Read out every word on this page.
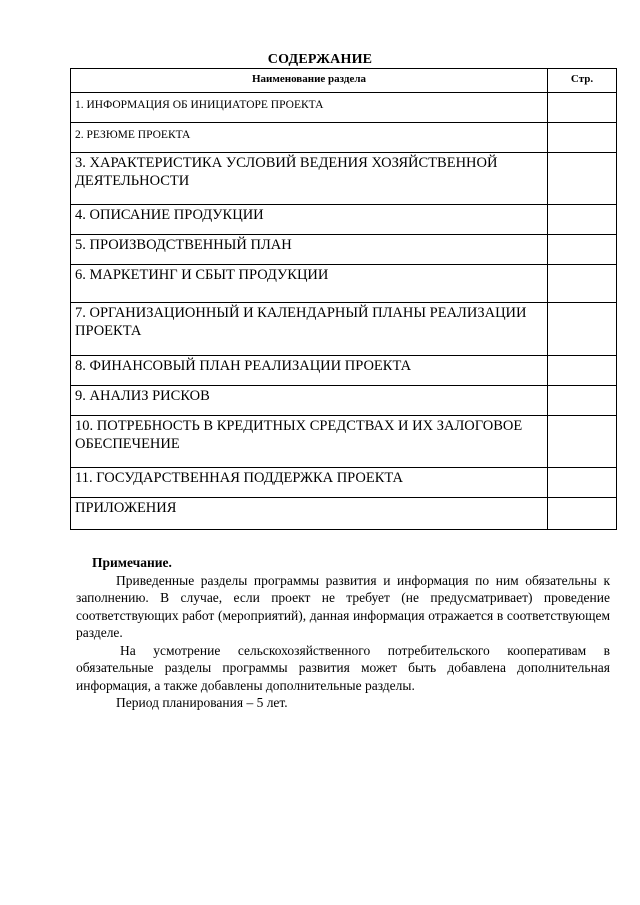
СОДЕРЖАНИЕ
Наименование раздела	Стр.
1. ИНФОРМАЦИЯ ОБ ИНИЦИАТОРЕ ПРОЕКТА	
2. РЕЗЮМЕ ПРОЕКТА	
3. ХАРАКТЕРИСТИКА УСЛОВИЙ ВЕДЕНИЯ ХОЗЯЙСТВЕННОЙ ДЕЯТЕЛЬНОСТИ	
4. ОПИСАНИЕ ПРОДУКЦИИ	
5. ПРОИЗВОДСТВЕННЫЙ ПЛАН	
6. МАРКЕТИНГ И СБЫТ ПРОДУКЦИИ	
7. ОРГАНИЗАЦИОННЫЙ И КАЛЕНДАРНЫЙ ПЛАНЫ РЕАЛИЗАЦИИ ПРОЕКТА	
8. ФИНАНСОВЫЙ ПЛАН РЕАЛИЗАЦИИ ПРОЕКТА	
9. АНАЛИЗ РИСКОВ	
10. ПОТРЕБНОСТЬ В КРЕДИТНЫХ СРЕДСТВАХ И ИХ ЗАЛОГОВОЕ ОБЕСПЕЧЕНИЕ	
11. ГОСУДАРСТВЕННАЯ ПОДДЕРЖКА ПРОЕКТА	
ПРИЛОЖЕНИЯ	
Примечание.

Приведенные разделы программы развития и информация по ним обязательны к заполнению. В случае, если проект не требует (не предусматривает) проведение соответствующих работ (мероприятий), данная информация отражается в соответствующем разделе.

На усмотрение сельскохозяйственного потребительского кооперативам в обязательные разделы программы развития может быть добавлена дополнительная информация, а также добавлены дополнительные разделы.

Период планирования – 5 лет.
